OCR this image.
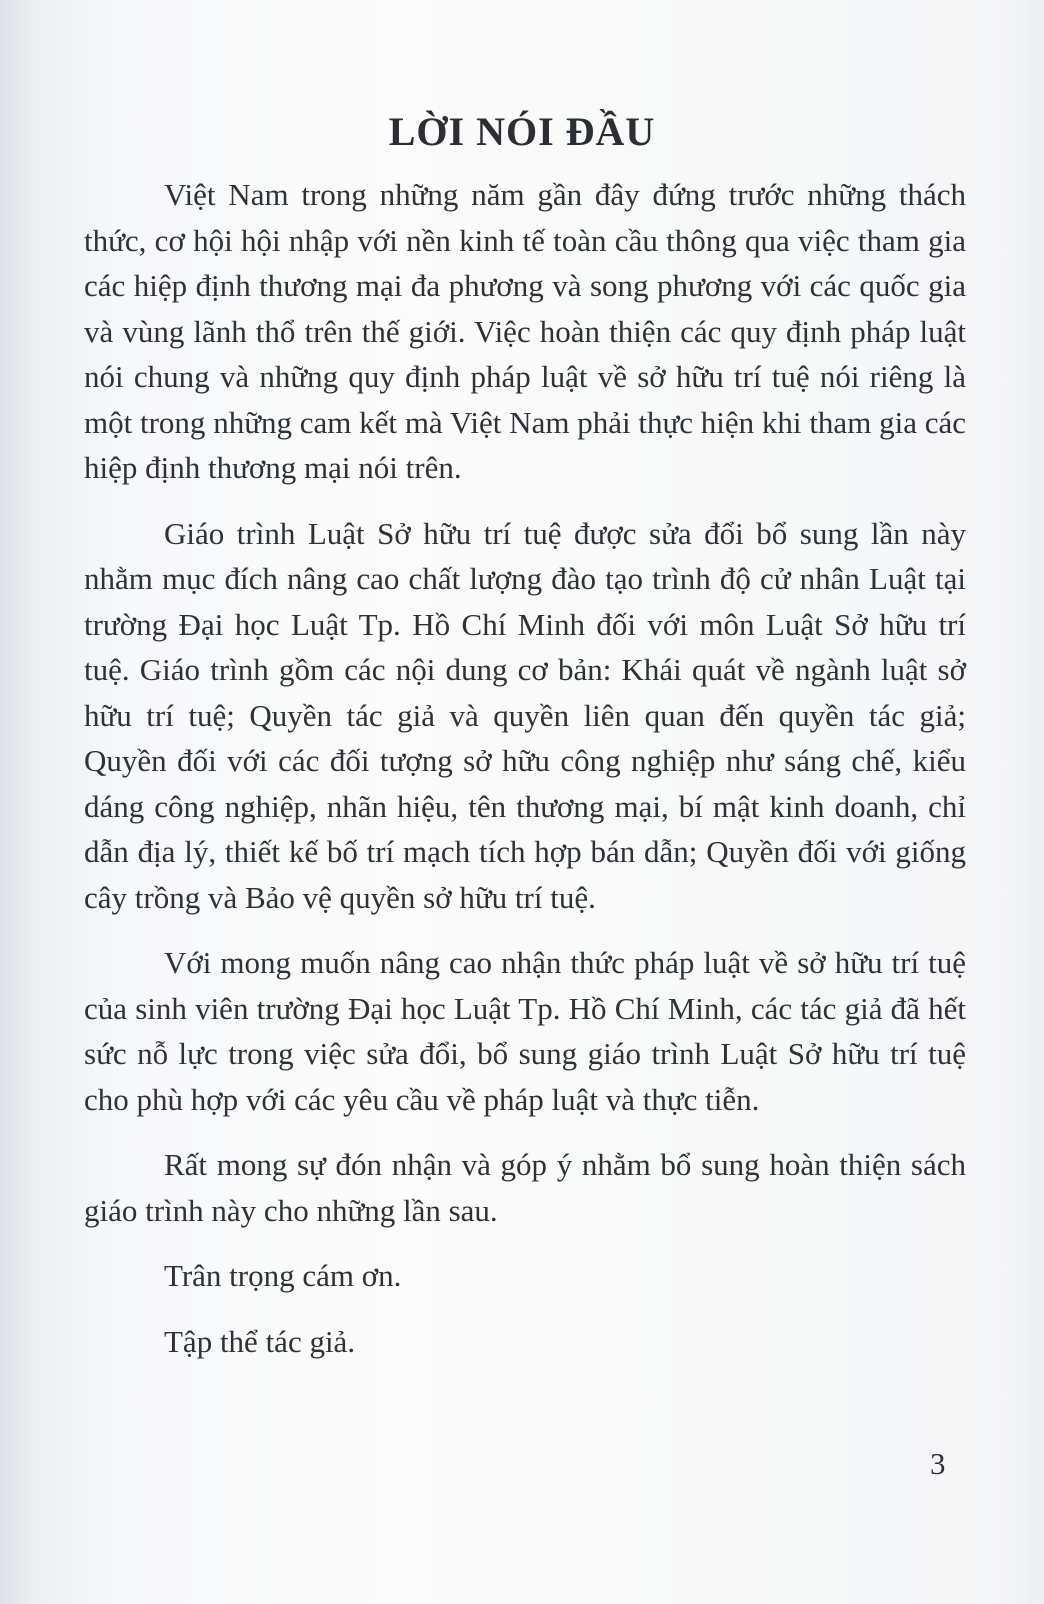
LỜI NÓI ĐẦU

Việt Nam trong những năm gần đây đứng trước những thách thức, cơ hội hội nhập với nền kinh tế toàn cầu thông qua việc tham gia các hiệp định thương mại đa phương và song phương với các quốc gia và vùng lãnh thổ trên thế giới. Việc hoàn thiện các quy định pháp luật nói chung và những quy định pháp luật về sở hữu trí tuệ nói riêng là một trong những cam kết mà Việt Nam phải thực hiện khi tham gia các hiệp định thương mại nói trên.

Giáo trình Luật Sở hữu trí tuệ được sửa đổi bổ sung lần này nhằm mục đích nâng cao chất lượng đào tạo trình độ cử nhân Luật tại trường Đại học Luật Tp. Hồ Chí Minh đối với môn Luật Sở hữu trí tuệ. Giáo trình gồm các nội dung cơ bản: Khái quát về ngành luật sở hữu trí tuệ; Quyền tác giả và quyền liên quan đến quyền tác giả; Quyền đối với các đối tượng sở hữu công nghiệp như sáng chế, kiểu dáng công nghiệp, nhãn hiệu, tên thương mại, bí mật kinh doanh, chỉ dẫn địa lý, thiết kế bố trí mạch tích hợp bán dẫn; Quyền đối với giống cây trồng và Bảo vệ quyền sở hữu trí tuệ.

Với mong muốn nâng cao nhận thức pháp luật về sở hữu trí tuệ của sinh viên trường Đại học Luật Tp. Hồ Chí Minh, các tác giả đã hết sức nỗ lực trong việc sửa đổi, bổ sung giáo trình Luật Sở hữu trí tuệ cho phù hợp với các yêu cầu về pháp luật và thực tiễn.

Rất mong sự đón nhận và góp ý nhằm bổ sung hoàn thiện sách giáo trình này cho những lần sau.

Trân trọng cám ơn.

Tập thể tác giả.

3
